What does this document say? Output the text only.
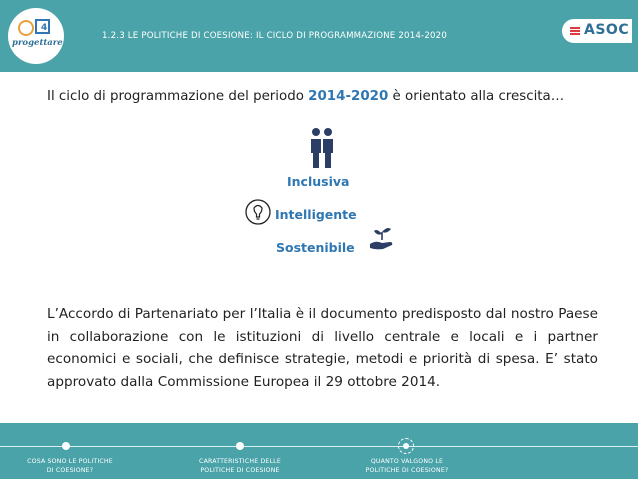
4
progettare
1.2.3 LE POLITICHE DI COESIONE: IL CICLO DI PROGRAMMAZIONE 2014-2020	ASOC
Il ciclo di programmazione del periodo 2014-2020 è orientato alla crescita…
Inclusiva
Intelligente
Sostenibile
L’Accordo di Partenariato per l’Italia è il documento predisposto dal nostro Paese in collaborazione con le istituzioni di livello centrale e locali e i partner economici e sociali, che definisce strategie, metodi e priorità di spesa. E’ stato approvato dalla Commissione Europea il 29 ottobre 2014.
COSA SONO LE POLITICHE
DI COESIONE?
CARATTERISTICHE DELLE
POLITICHE DI COESIONE
QUANTO VALGONO LE
POLITICHE DI COESIONE?
